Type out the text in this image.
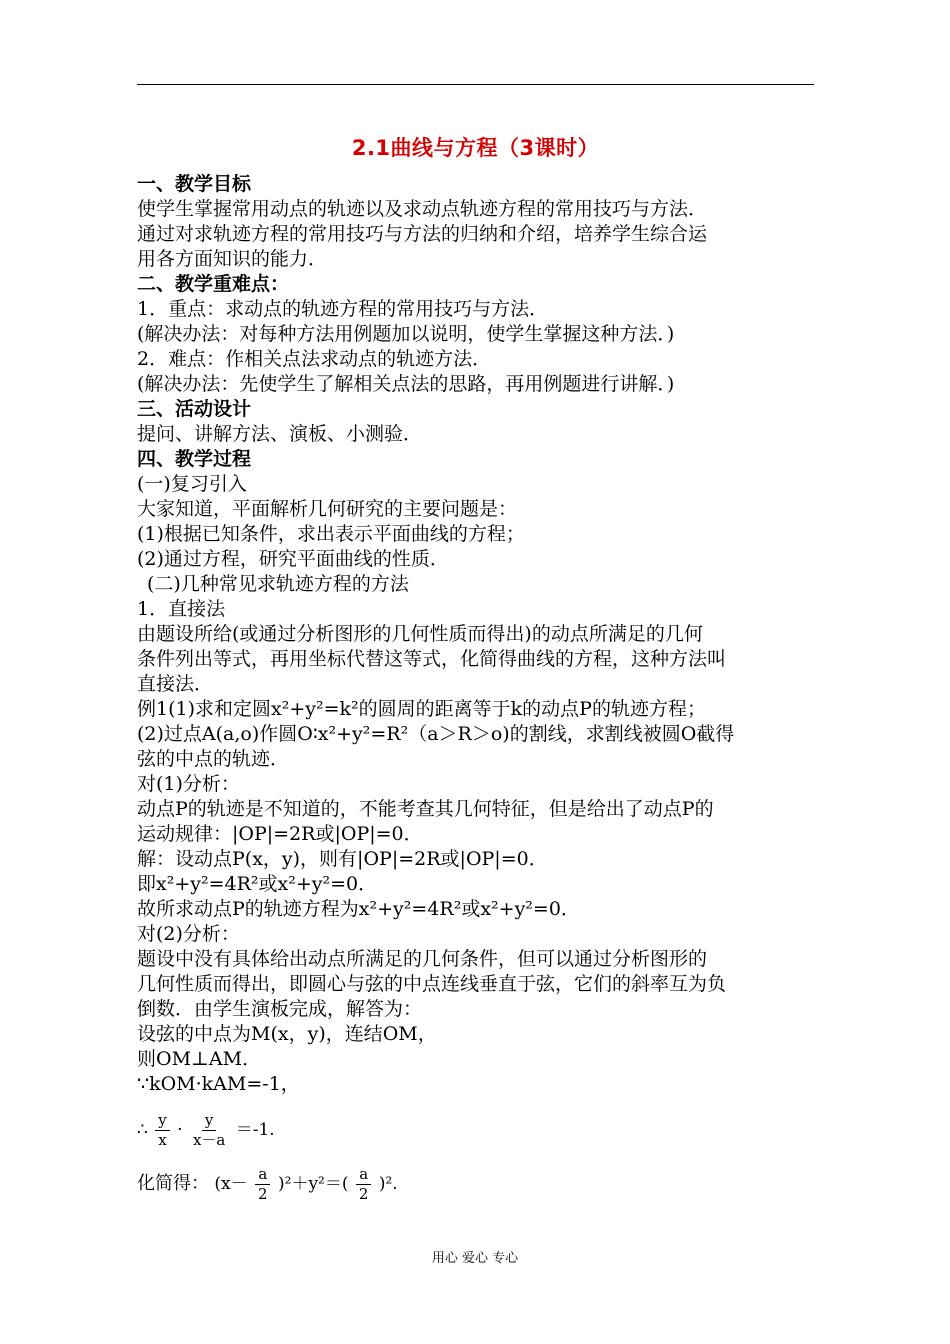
2.1曲线与方程（3课时）
一、教学目标
使学生掌握常用动点的轨迹以及求动点轨迹方程的常用技巧与方法．
通过对求轨迹方程的常用技巧与方法的归纳和介绍，培养学生综合运
用各方面知识的能力．
二、教学重难点：
1．重点：求动点的轨迹方程的常用技巧与方法．
(解决办法：对每种方法用例题加以说明，使学生掌握这种方法．)
2．难点：作相关点法求动点的轨迹方法．
(解决办法：先使学生了解相关点法的思路，再用例题进行讲解．)
三、活动设计
提问、讲解方法、演板、小测验．
四、教学过程
(一)复习引入
大家知道，平面解析几何研究的主要问题是：
(1)根据已知条件，求出表示平面曲线的方程；
(2)通过方程，研究平面曲线的性质．
(二)几种常见求轨迹方程的方法
1．直接法
由题设所给(或通过分析图形的几何性质而得出)的动点所满足的几何
条件列出等式，再用坐标代替这等式，化简得曲线的方程，这种方法叫
直接法．
例1(1)求和定圆x²+y²=k²的圆周的距离等于k的动点P的轨迹方程；
(2)过点A(a,o)作圆O∶x²+y²=R²（a＞R＞o)的割线，求割线被圆O截得
弦的中点的轨迹．
对(1)分析：
动点P的轨迹是不知道的，不能考查其几何特征，但是给出了动点P的
运动规律：|OP|=2R或|OP|=0．
解：设动点P(x，y)，则有|OP|=2R或|OP|=0．
即x²+y²=4R²或x²+y²=0．
故所求动点P的轨迹方程为x²+y²=4R²或x²+y²=0．
对(2)分析：
题设中没有具体给出动点所满足的几何条件，但可以通过分析图形的
几何性质而得出，即圆心与弦的中点连线垂直于弦，它们的斜率互为负
倒数．由学生演板完成，解答为：
设弦的中点为M(x，y)，连结OM，
则OM⊥AM．
∵kOM·kAM=-1，
∴ $\frac{y}{x} \cdot \frac{y}{x-a} =-1$.
化简得： $(x- \frac{a}{2} )^2+y^2=( \frac{a}{2} )^2$.
用心 爱心 专心
